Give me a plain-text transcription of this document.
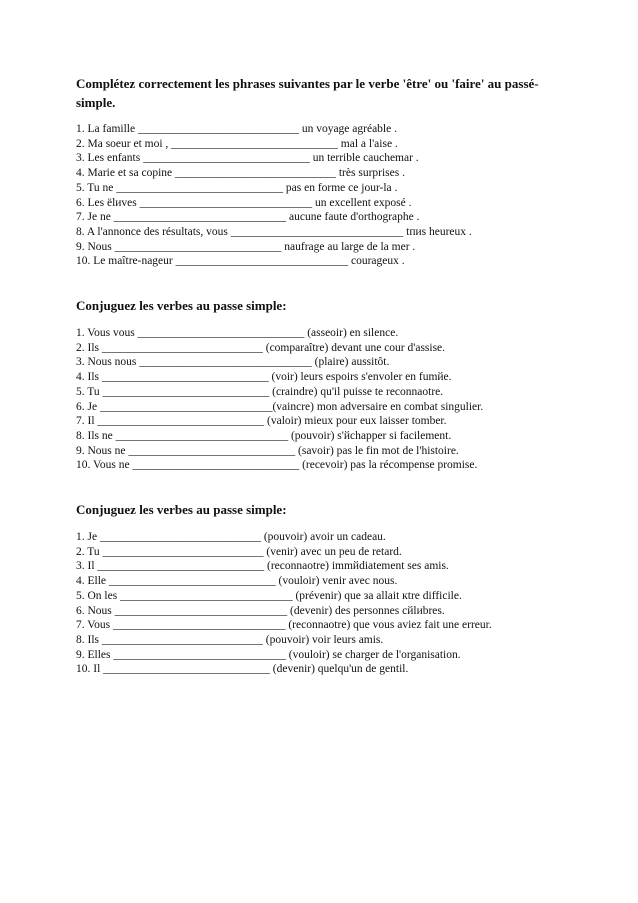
Complétez correctement les phrases suivantes par le verbe 'être' ou 'faire' au passé-simple.

1. La famille ____________________________ un voyage agréable .
2. Ma soeur et moi , _____________________________ mal a l'aise .
3. Les enfants _____________________________ un terrible cauchemar .
4. Marie et sa copine ____________________________ très surprises .
5. Tu ne _____________________________ pas en forme ce jour-la .
6. Les ëlиves ______________________________ un excellent exposé .
7. Je ne ______________________________ aucune faute d'orthographe .
8. A l'annonce des résultats, vous ______________________________ tпиs heureux .
9. Nous _____________________________ naufrage au large de la mer .
10. Le maître-nageur ______________________________ courageux .

Conjuguez les verbes au passe simple:

1. Vous vous _____________________________ (asseoir) en silence.
2. Ils ____________________________ (comparaître) devant une cour d'assise.
3. Nous nous ______________________________ (plaire) aussitôt.
4. Ils _____________________________ (voir) leurs espoirs s'envoler en fumйe.
5. Tu _____________________________ (craindre) qu'il puisse te reconnaotre.
6. Je ______________________________(vaincre) mon adversaire en combat singulier.
7. Il _____________________________ (valoir) mieux pour eux laisser tomber.
8. Ils ne ______________________________ (pouvoir) s'йchapper si facilement.
9. Nous ne _____________________________ (savoir) pas le fin mot de l'histoire.
10. Vous ne _____________________________ (recevoir) pas la récompense promise.

Conjuguez les verbes au passe simple:

1. Je ____________________________ (pouvoir) avoir un cadeau.
2. Tu ____________________________ (venir) avec un peu de retard.
3. Il _____________________________ (reconnaotre) immйdiatement ses amis.
4. Elle _____________________________ (vouloir) venir avec nous.
5. On les ______________________________ (prévenir) que зa allait кtre difficile.
6. Nous ______________________________ (devenir) des personnes cйlиbres.
7. Vous ______________________________ (reconnaotre) que vous aviez fait une erreur.
8. Ils ____________________________ (pouvoir) voir leurs amis.
9. Elles ______________________________ (vouloir) se charger de l'organisation.
10. Il _____________________________ (devenir) quelqu'un de gentil.
